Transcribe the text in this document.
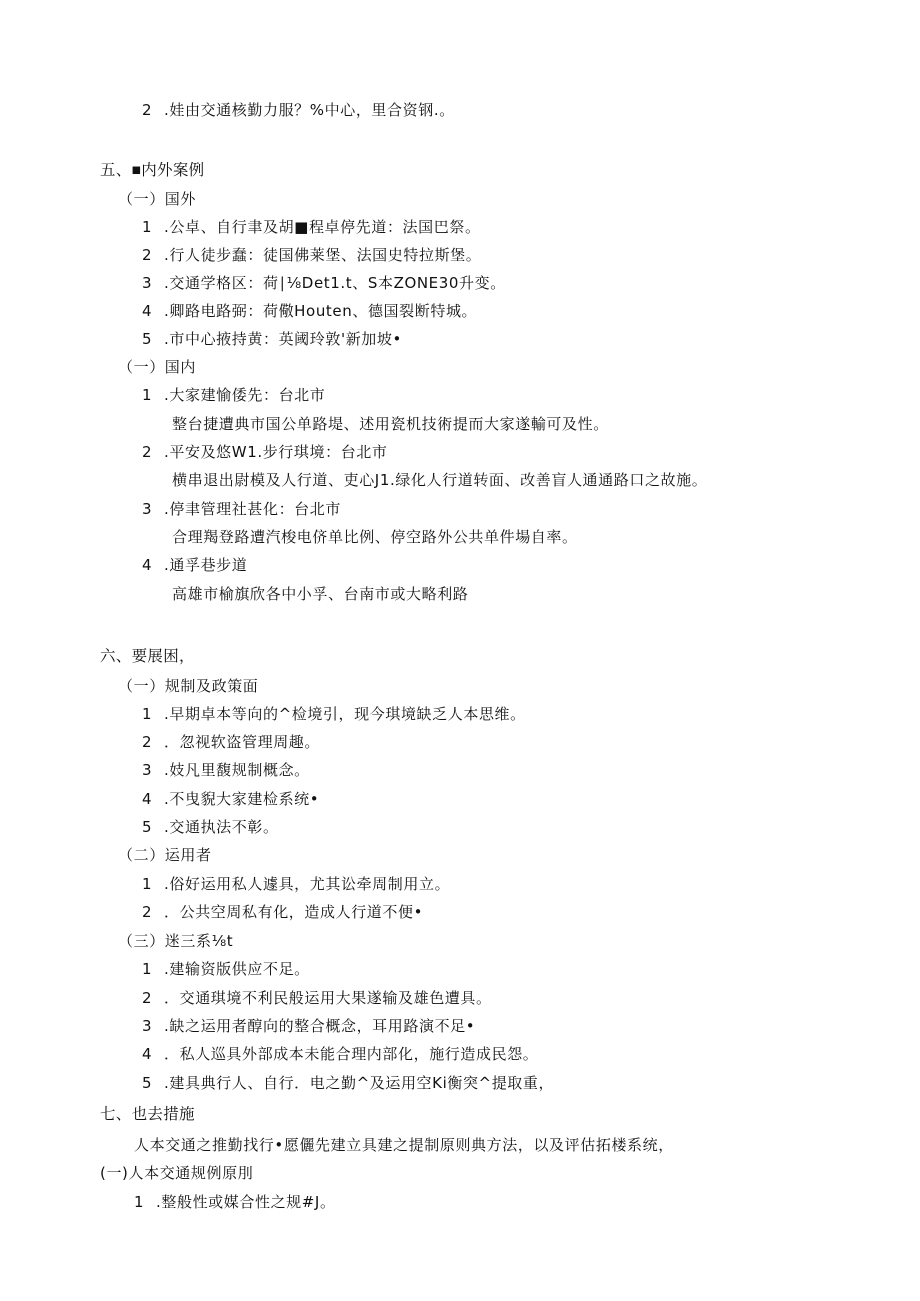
2 .娃由交通核勤力服？%中心，里合资钢.。
五、■内外案例
（一）国外
1 .公卓、自行聿及胡■程卓停先道：法国巴祭。
2 .行人徒步蠢：徒国佛莱堡、法国史特拉斯堡。
3 .交通学格区：荷∣⅛Det1.t、S本ZONE30升变。
4 .卿路电路弼：荷儆Houten、德国裂断特城。
5 .市中心掖持黄：英阈玲敦'新加坡•
（一）国内
1 .大家建愉倭先：台北市
整台捷遭典市国公单路堤、述用瓷机技術提而大家遂輸可及性。
2 .平安及悠W1.步行琪境：台北市
横串退出尉模及人行道、吏心J1.绿化人行道转面、改善盲人通通路口之故施。
3 .停聿管理社甚化：台北市
合理羯登路遭汽梭电侪单比例、停空路外公共单件場自率。
4 .通孚巷步道
高雄市榆旗欣各中小孚、台南市或大略利路
六、要展困，
（一）规制及政策面
1 .早期卓本等向的^检境引，现今琪境缺乏人本思维。
2 ．忽视软盗管理周趣。
3 .妓凡里馥规制概念。
4 .不曳貎大家建检系统•
5 .交通执法不彰。
（二）运用者
1 .俗好运用私人遽具，尤其讼牵周制用立。
2 ．公共空周私有化，造成人行道不便•
（三）迷三系⅛t
1 .建输资版供应不足。
2 ．交通琪境不利民般运用大果遂输及雄色遭具。
3 .缺之运用者醇向的整合概念，耳用路演不足•
4 ．私人巡具外部成本未能合理内部化，施行造成民怨。
5 .建具典行人、自行．电之勤^及运用空Ki衡突^提取重，
七、也去措施
人本交通之推勤找行•愿儷先建立具建之提制原则典方法，以及评估拓楼系统，
(一)人本交通规例原刖
1 .整般性或媒合性之规#J。
